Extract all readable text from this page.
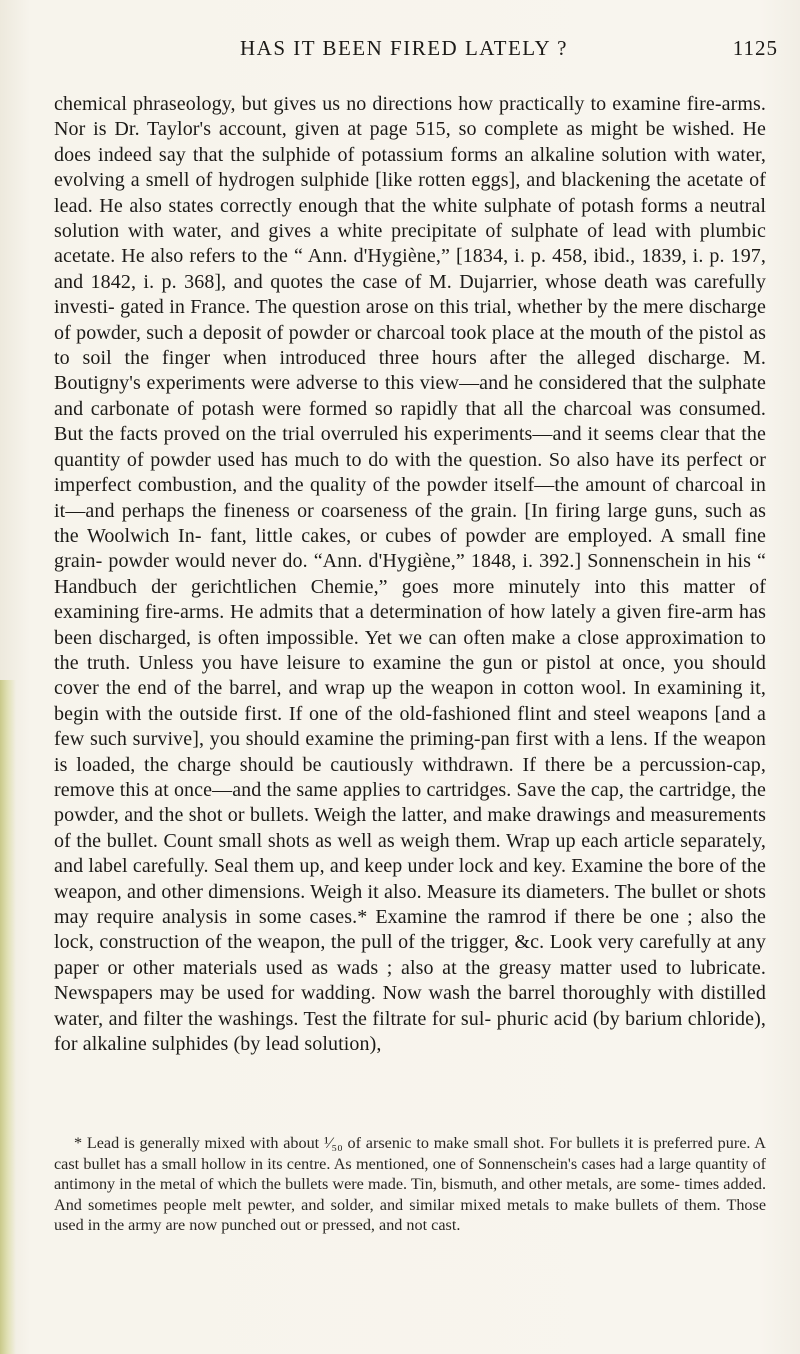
HAS IT BEEN FIRED LATELY ?	1125

chemical phraseology, but gives us no directions how practically to examine fire-arms. Nor is Dr. Taylor's account, given at page 515, so complete as might be wished. He does indeed say that the sulphide of potassium forms an alkaline solution with water, evolving a smell of hydrogen sulphide [like rotten eggs], and blackening the acetate of lead. He also states correctly enough that the white sulphate of potash forms a neutral solution with water, and gives a white precipitate of sulphate of lead with plumbic acetate. He also refers to the “ Ann. d'Hygiène,” [1834, i. p. 458, ibid., 1839, i. p. 197, and 1842, i. p. 368], and quotes the case of M. Dujarrier, whose death was carefully investi- gated in France. The question arose on this trial, whether by the mere discharge of powder, such a deposit of powder or charcoal took place at the mouth of the pistol as to soil the finger when introduced three hours after the alleged discharge. M. Boutigny's experiments were adverse to this view—and he considered that the sulphate and carbonate of potash were formed so rapidly that all the charcoal was consumed. But the facts proved on the trial overruled his experiments—and it seems clear that the quantity of powder used has much to do with the question. So also have its perfect or imperfect combustion, and the quality of the powder itself—the amount of charcoal in it—and perhaps the fineness or coarseness of the grain. [In firing large guns, such as the Woolwich In- fant, little cakes, or cubes of powder are employed. A small fine grain- powder would never do. “Ann. d'Hygiène,” 1848, i. 392.] Sonnenschein in his “ Handbuch der gerichtlichen Chemie,” goes more minutely into this matter of examining fire-arms. He admits that a determination of how lately a given fire-arm has been discharged, is often impossible. Yet we can often make a close approximation to the truth. Unless you have leisure to examine the gun or pistol at once, you should cover the end of the barrel, and wrap up the weapon in cotton wool. In examining it, begin with the outside first. If one of the old-fashioned flint and steel weapons [and a few such survive], you should examine the priming-pan first with a lens. If the weapon is loaded, the charge should be cautiously withdrawn. If there be a percussion-cap, remove this at once—and the same applies to cartridges. Save the cap, the cartridge, the powder, and the shot or bullets. Weigh the latter, and make drawings and measurements of the bullet. Count small shots as well as weigh them. Wrap up each article separately, and label carefully. Seal them up, and keep under lock and key. Examine the bore of the weapon, and other dimensions. Weigh it also. Measure its diameters. The bullet or shots may require analysis in some cases.* Examine the ramrod if there be one ; also the lock, construction of the weapon, the pull of the trigger, &c. Look very carefully at any paper or other materials used as wads ; also at the greasy matter used to lubricate. Newspapers may be used for wadding. Now wash the barrel thoroughly with distilled water, and filter the washings. Test the filtrate for sul- phuric acid (by barium chloride), for alkaline sulphides (by lead solution),

* Lead is generally mixed with about ¹⁄₅₀ of arsenic to make small shot. For bullets it is preferred pure. A cast bullet has a small hollow in its centre. As mentioned, one of Sonnenschein's cases had a large quantity of antimony in the metal of which the bullets were made. Tin, bismuth, and other metals, are some- times added. And sometimes people melt pewter, and solder, and similar mixed metals to make bullets of them. Those used in the army are now punched out or pressed, and not cast.
